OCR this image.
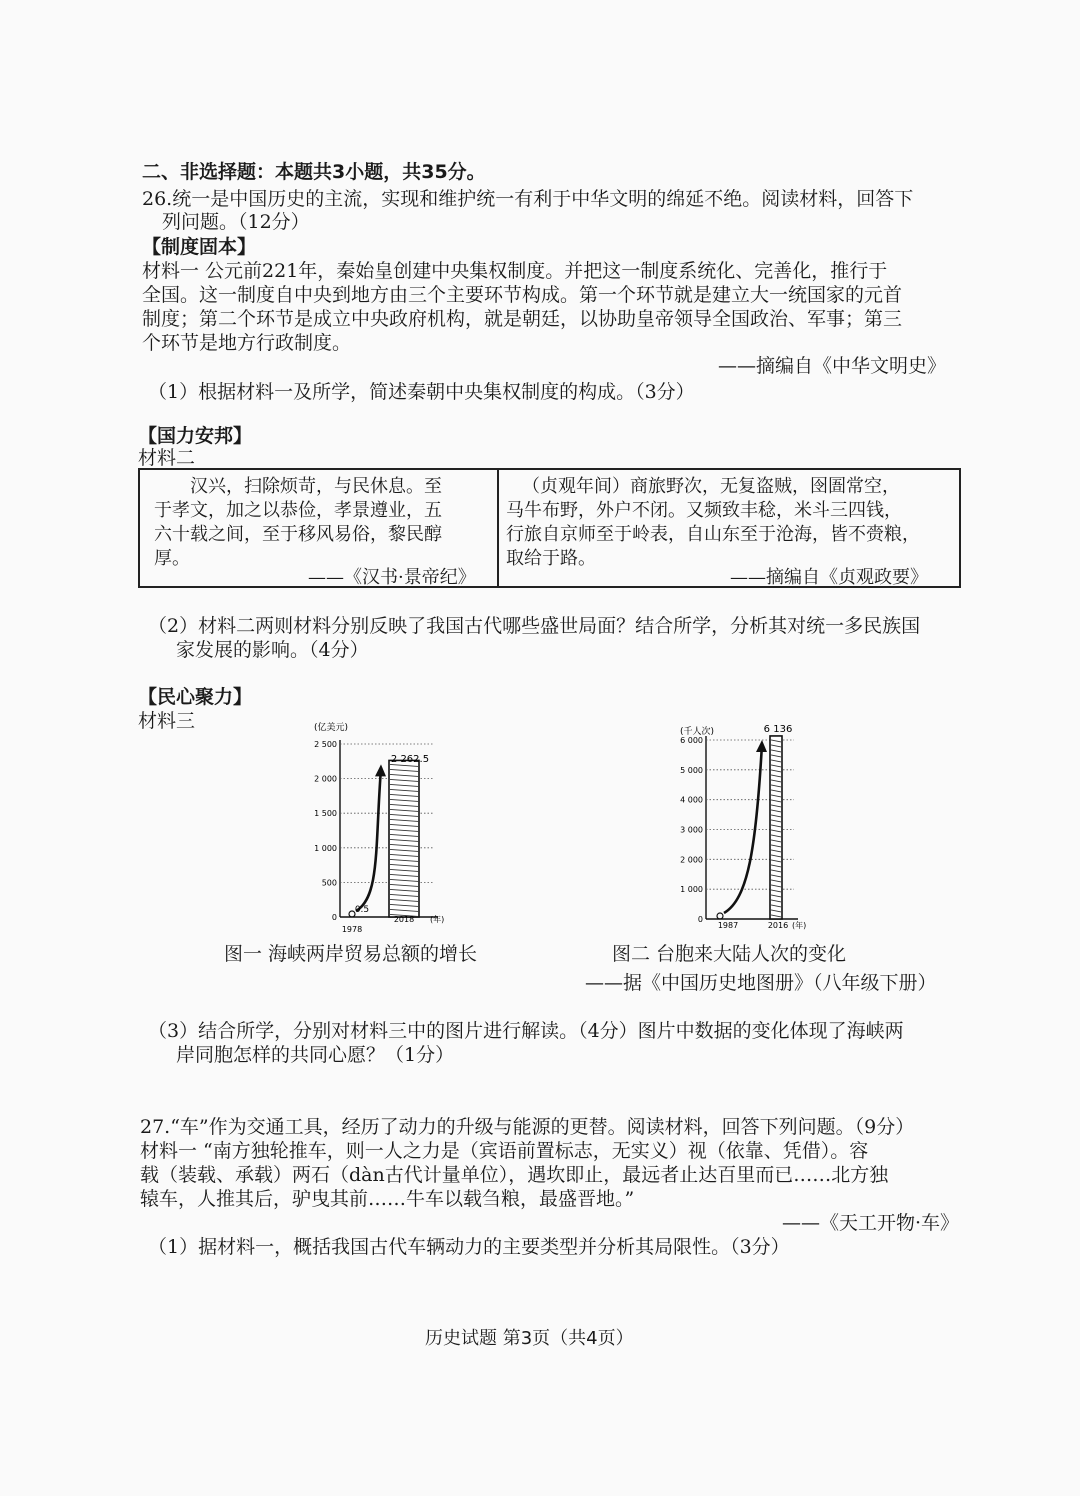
二、非选择题：本题共3小题，共35分。
26.统一是中国历史的主流，实现和维护统一有利于中华文明的绵延不绝。阅读材料，回答下
列问题。（12分）
【制度固本】
材料一 公元前221年，秦始皇创建中央集权制度。并把这一制度系统化、完善化，推行于
全国。这一制度自中央到地方由三个主要环节构成。第一个环节就是建立大一统国家的元首
制度；第二个环节是成立中央政府机构，就是朝廷，以协助皇帝领导全国政治、军事；第三
个环节是地方行政制度。
——摘编自《中华文明史》
（1）根据材料一及所学，简述秦朝中央集权制度的构成。（3分）
【国力安邦】
材料二
汉兴，扫除烦苛，与民休息。至
于孝文，加之以恭俭，孝景遵业，五
六十载之间，至于移风易俗，黎民醇
厚。
——《汉书·景帝纪》
（贞观年间）商旅野次，无复盗贼，囹圄常空，
马牛布野，外户不闭。又频致丰稔，米斗三四钱，
行旅自京师至于岭表，自山东至于沧海，皆不赍粮，
取给于路。
——摘编自《贞观政要》
（2）材料二两则材料分别反映了我国古代哪些盛世局面？结合所学，分析其对统一多民族国
家发展的影响。（4分）
【民心聚力】
材料三	(亿美元)
0
500
1 000
1 500
2 000
2 500
1978
2018 (年)
0.5
2 262.5
图一 海峡两岸贸易总额的增长
(千人次)
0
1 000
2 000
3 000
4 000
5 000
6 000
1987	2016 (年)
6 136
图二 台胞来大陆人次的变化
——据《中国历史地图册》（八年级下册）
（3）结合所学，分别对材料三中的图片进行解读。（4分）图片中数据的变化体现了海峡两
岸同胞怎样的共同心愿？（1分）
27.“车”作为交通工具，经历了动力的升级与能源的更替。阅读材料，回答下列问题。（9分）
材料一 “南方独轮推车，则一人之力是（宾语前置标志，无实义）视（依靠、凭借）。容
载（装载、承载）两石（dàn古代计量单位），遇坎即止，最远者止达百里而已……北方独
辕车，人推其后，驴曳其前……牛车以载刍粮，最盛晋地。”
——《天工开物·车》
（1）据材料一，概括我国古代车辆动力的主要类型并分析其局限性。（3分）
历史试题 第3页（共4页）
